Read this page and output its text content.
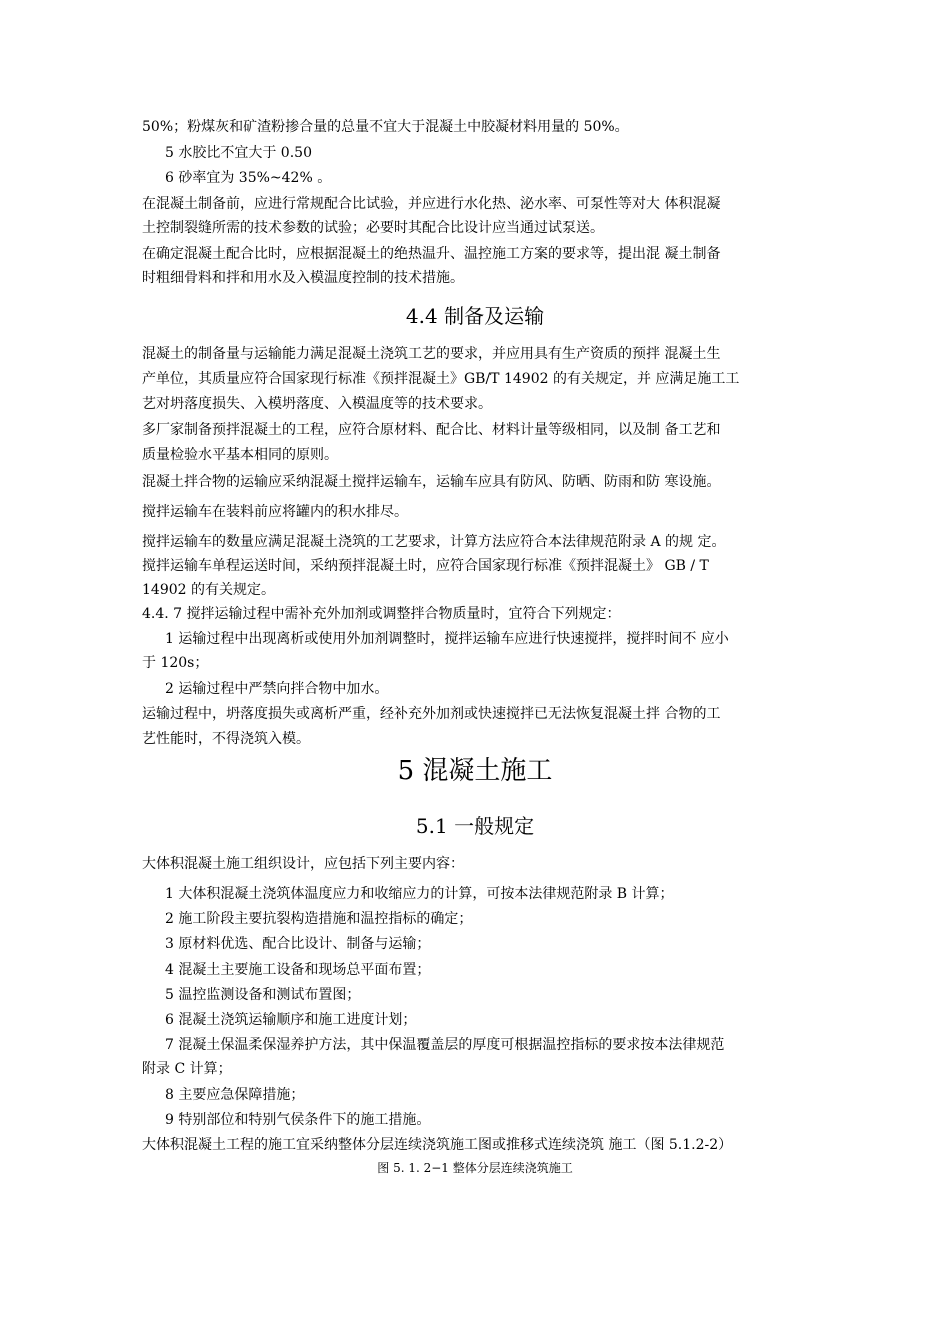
50%；粉煤灰和矿渣粉掺合量的总量不宜大于混凝土中胶凝材料用量的 50%。
5 水胶比不宜大于 0.50
6 砂率宜为 35%~42% 。
在混凝土制备前，应进行常规配合比试验，并应进行水化热、泌水率、可泵性等对大 体积混凝
土控制裂缝所需的技术参数的试验；必要时其配合比设计应当通过试泵送。
在确定混凝土配合比时，应根据混凝土的绝热温升、温控施工方案的要求等，提出混 凝土制备
时粗细骨料和拌和用水及入模温度控制的技术措施。
4.4 制备及运输
混凝土的制备量与运输能力满足混凝土浇筑工艺的要求，并应用具有生产资质的预拌 混凝土生
产单位，其质量应符合国家现行标准《预拌混凝土》GB/T 14902 的有关规定，并 应满足施工工
艺对坍落度损失、入模坍落度、入模温度等的技术要求。
多厂家制备预拌混凝土的工程，应符合原材料、配合比、材料计量等级相同，以及制 备工艺和
质量检验水平基本相同的原则。
混凝土拌合物的运输应采纳混凝土搅拌运输车，运输车应具有防风、防晒、防雨和防 寒设施。
搅拌运输车在装料前应将罐内的积水排尽。
搅拌运输车的数量应满足混凝土浇筑的工艺要求，计算方法应符合本法律规范附录 A 的规 定。
搅拌运输车单程运送时间，采纳预拌混凝土时，应符合国家现行标准《预拌混凝土》 GB / T
14902 的有关规定。
4.4. 7 搅拌运输过程中需补充外加剂或调整拌合物质量时，宜符合下列规定：
1 运输过程中出现离析或使用外加剂调整时，搅拌运输车应进行快速搅拌，搅拌时间不 应小
于 120s；
2 运输过程中严禁向拌合物中加水。
运输过程中，坍落度损失或离析严重，经补充外加剂或快速搅拌已无法恢复混凝土拌 合物的工
艺性能时，不得浇筑入模。
5 混凝土施工
5.1 一般规定
大体积混凝土施工组织设计，应包括下列主要内容：
1 大体积混凝土浇筑体温度应力和收缩应力的计算，可按本法律规范附录 B 计算；
2 施工阶段主要抗裂构造措施和温控指标的确定；
3 原材料优选、配合比设计、制备与运输；
4 混凝土主要施工设备和现场总平面布置；
5 温控监测设备和测试布置图；
6 混凝土浇筑运输顺序和施工进度计划；
7 混凝土保温柔保湿养护方法，其中保温覆盖层的厚度可根据温控指标的要求按本法律规范
附录 C 计算；
8 主要应急保障措施；
9 特别部位和特别气侯条件下的施工措施。
大体积混凝土工程的施工宜采纳整体分层连续浇筑施工图或推移式连续浇筑 施工（图 5.1.2-2）
图 5. 1. 2−1 整体分层连续浇筑施工
